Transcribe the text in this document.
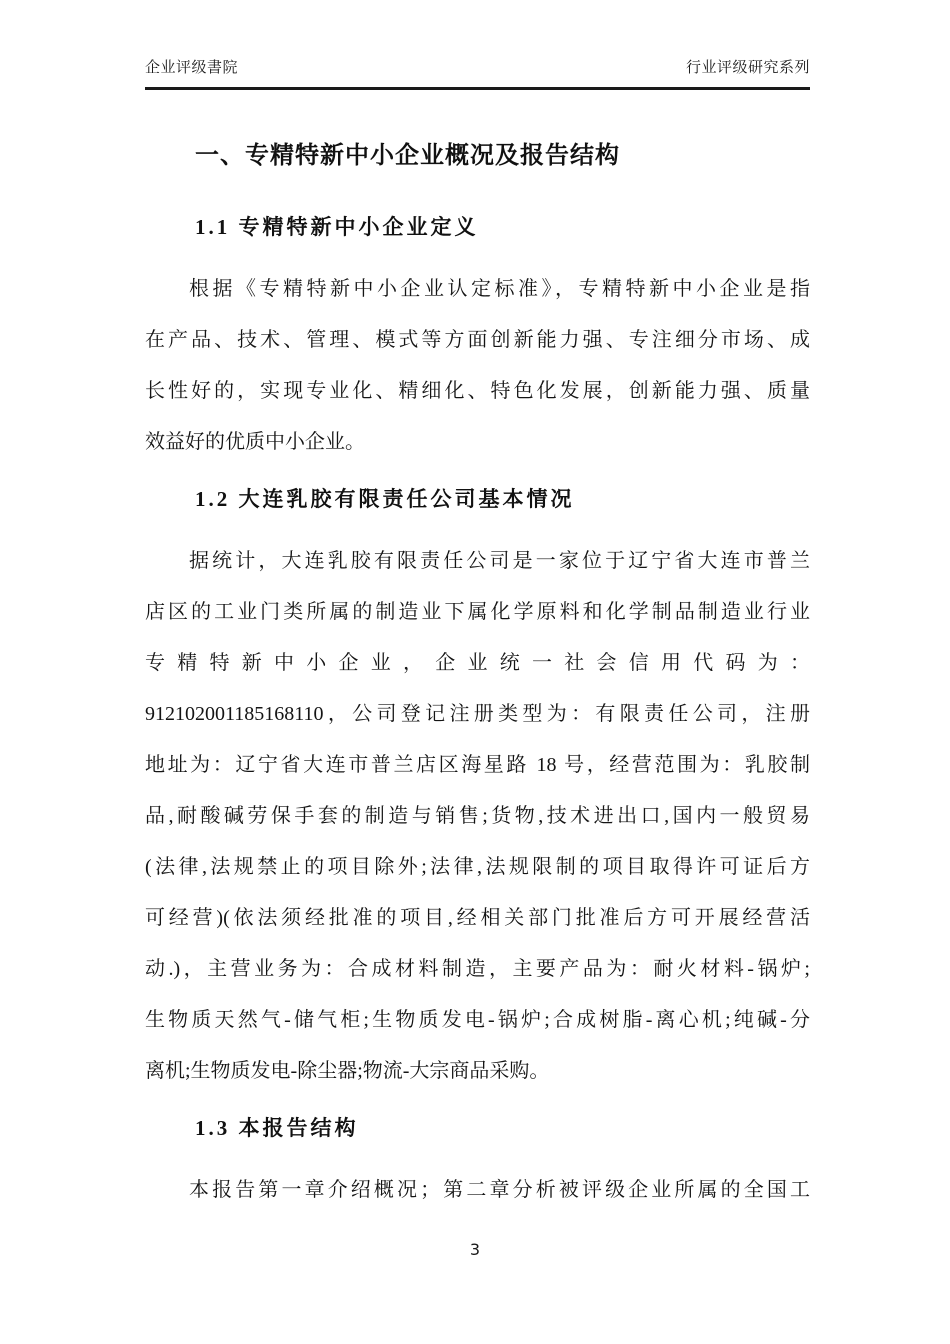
企业评级書院	行业评级研究系列
一、专精特新中小企业概况及报告结构
1.1 专精特新中小企业定义
根据《专精特新中小企业认定标准》，专精特新中小企业是指
在产品、技术、管理、模式等方面创新能力强、专注细分市场、成
长性好的，实现专业化、精细化、特色化发展，创新能力强、质量
效益好的优质中小企业。
1.2 大连乳胶有限责任公司基本情况
据统计，大连乳胶有限责任公司是一家位于辽宁省大连市普兰
店区的工业门类所属的制造业下属化学原料和化学制品制造业行业
专精特新中小企业，企业统一社会信用代码为：
912102001185168110，公司登记注册类型为：有限责任公司，注册
地址为：辽宁省大连市普兰店区海星路 18 号，经营范围为：乳胶制
品,耐酸碱劳保手套的制造与销售;货物,技术进出口,国内一般贸易
(法律,法规禁止的项目除外;法律,法规限制的项目取得许可证后方
可经营)(依法须经批准的项目,经相关部门批准后方可开展经营活
动.)，主营业务为：合成材料制造，主要产品为：耐火材料-锅炉;
生物质天然气-储气柜;生物质发电-锅炉;合成树脂-离心机;纯碱-分
离机;生物质发电-除尘器;物流-大宗商品采购。
1.3 本报告结构
本报告第一章介绍概况；第二章分析被评级企业所属的全国工
3
